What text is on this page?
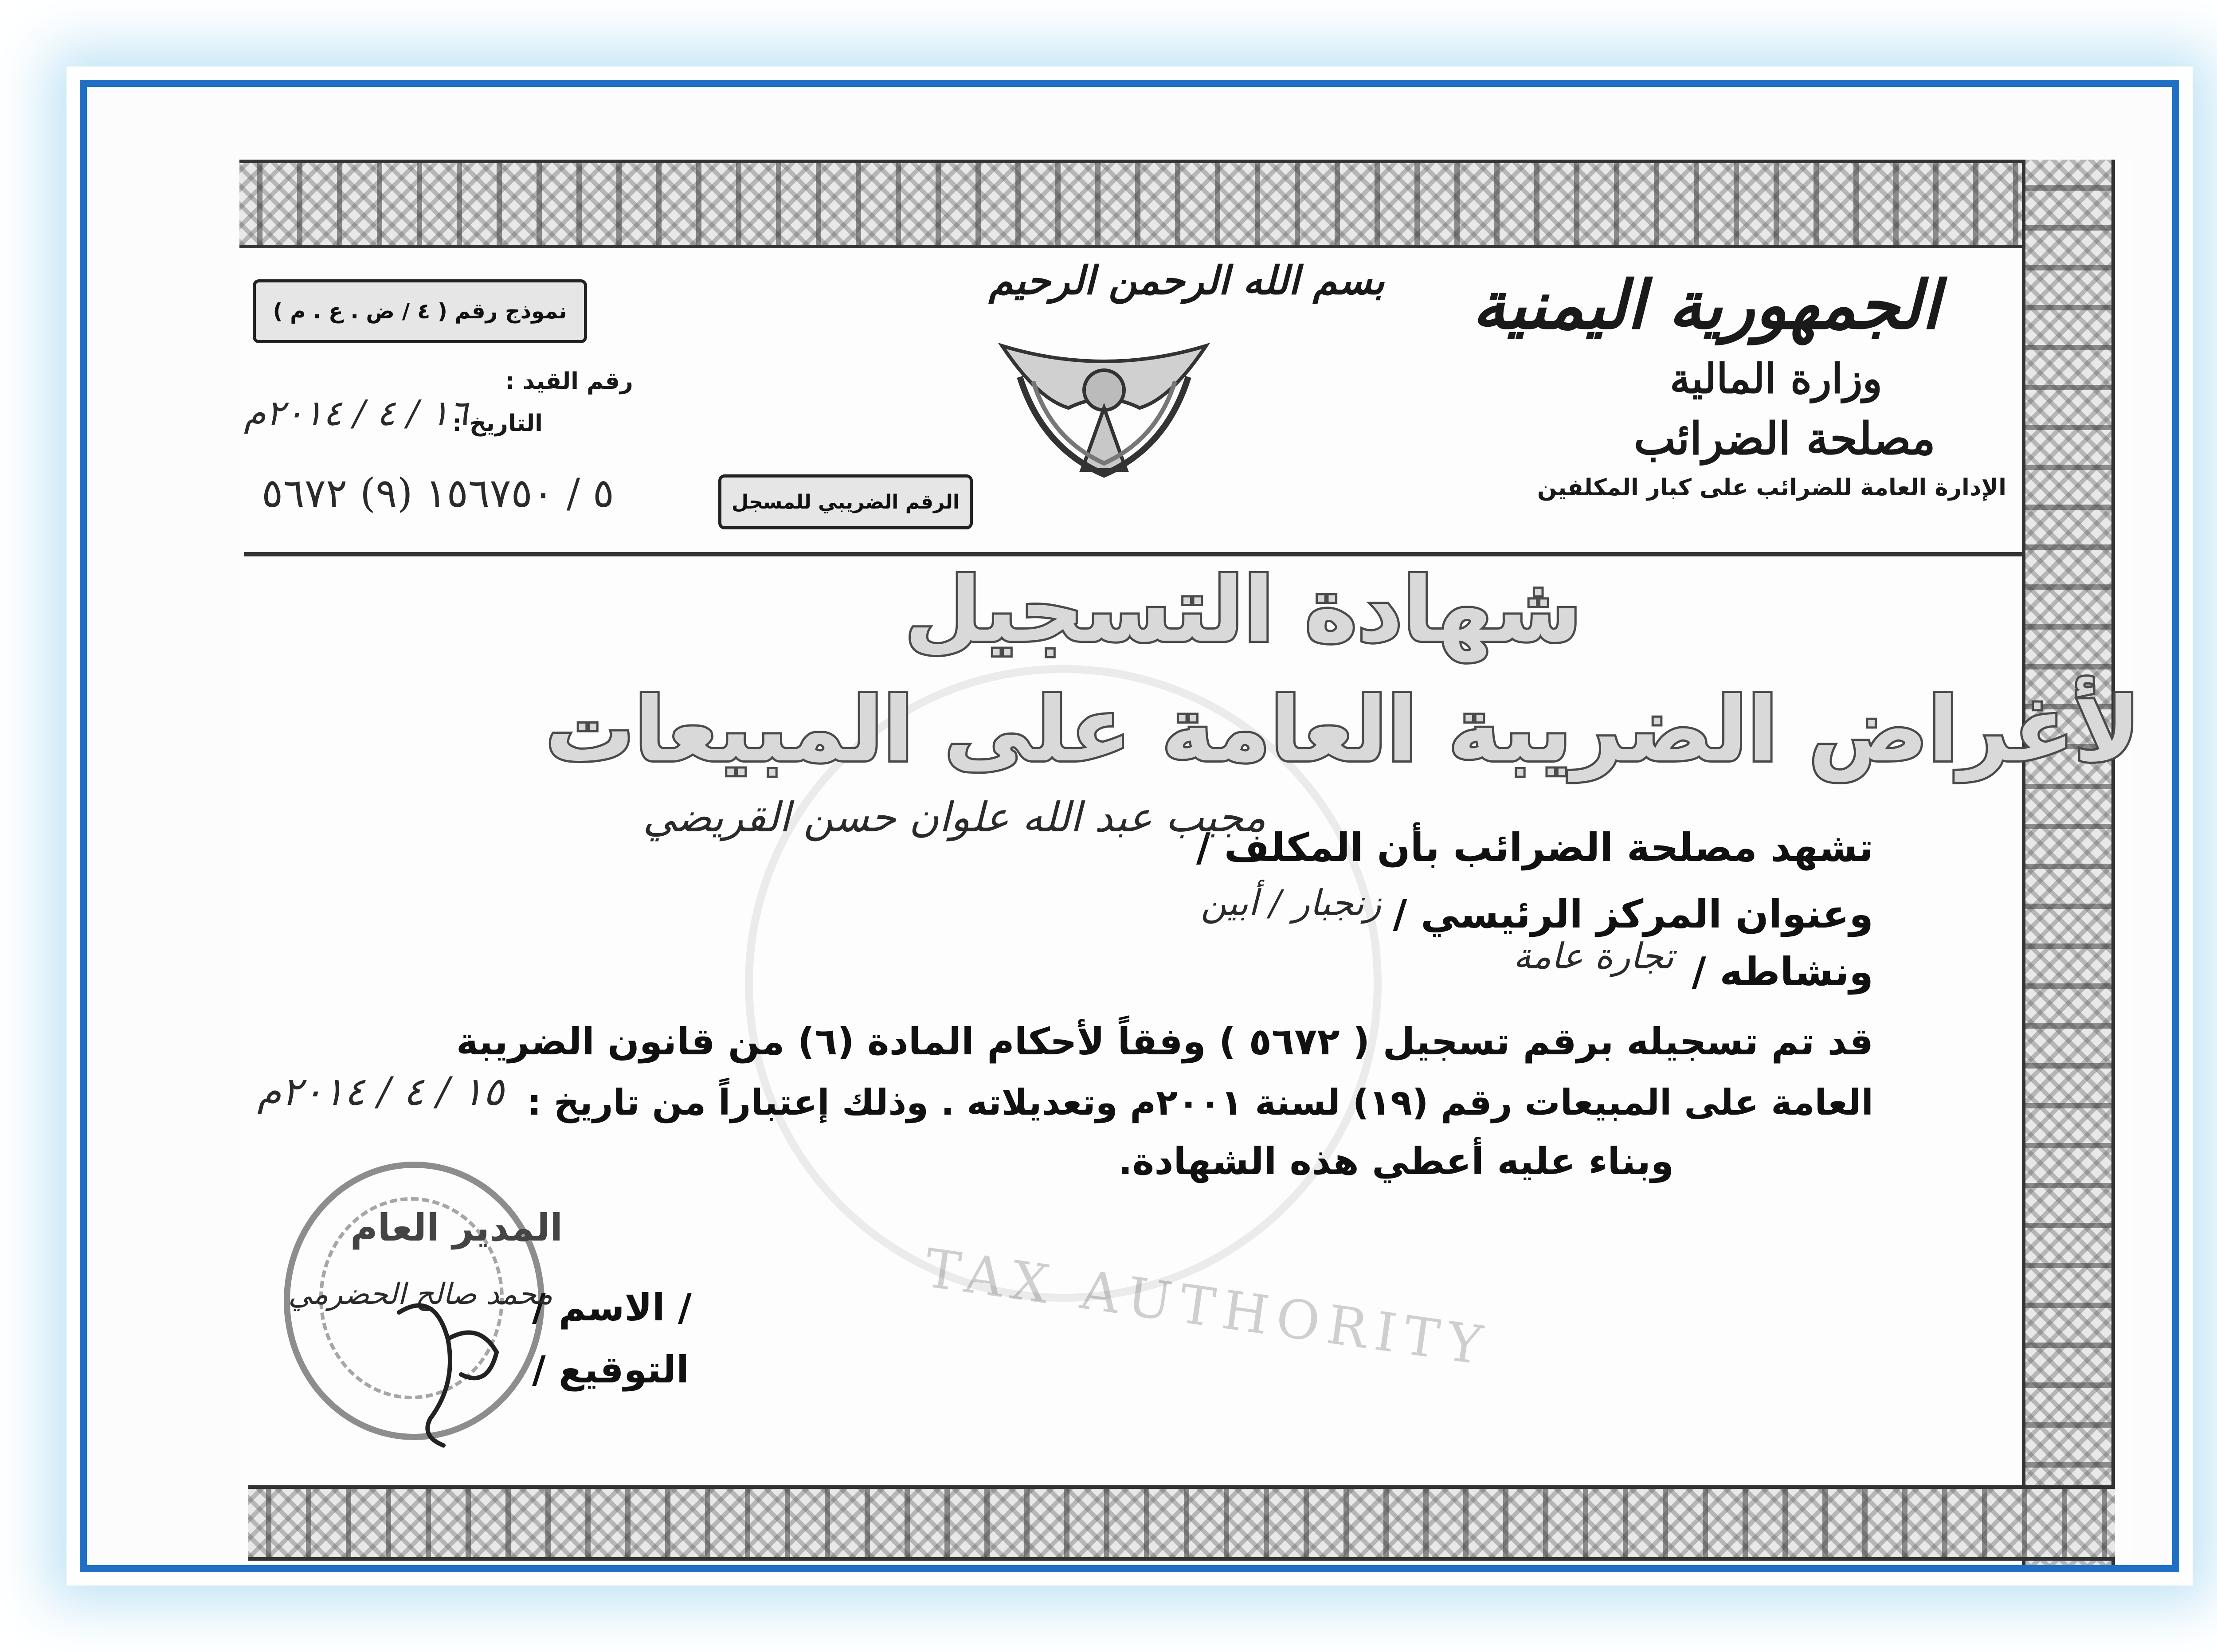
TAX AUTHORITY
الجمهورية اليمنية
وزارة المالية
مصلحة الضرائب
الإدارة العامة للضرائب على كبار المكلفين
بسم الله الرحمن الرحيم
نموذج رقم ( ٤ / ض . ع . م )
رقم القيد :
التاريخ :
١٦ / ٤ / ٢٠١٤م
الرقم الضريبي للمسجل
٥ / ١٥٦٧٥٠ (٩) ٥٦٧٢
شهادة التسجيل
لأغراض الضريبة العامة على المبيعات
تشهد مصلحة الضرائب بأن المكلف /
مجيب عبد الله علوان حسن القريضي
وعنوان المركز الرئيسي /
زنجبار / أبين
ونشاطه /
تجارة عامة
قد تم تسجيله برقم تسجيل ( ٥٦٧٢ ) وفقاً لأحكام المادة (٦) من قانون الضريبة
العامة على المبيعات رقم (١٩) لسنة ٢٠٠١م وتعديلاته . وذلك إعتباراً من تاريخ :
١٥ / ٤ / ٢٠١٤م
وبناء عليه أعطي هذه الشهادة.
المدير العام
/ الاسم /
محمد صالح الحضرمي
التوقيع /
